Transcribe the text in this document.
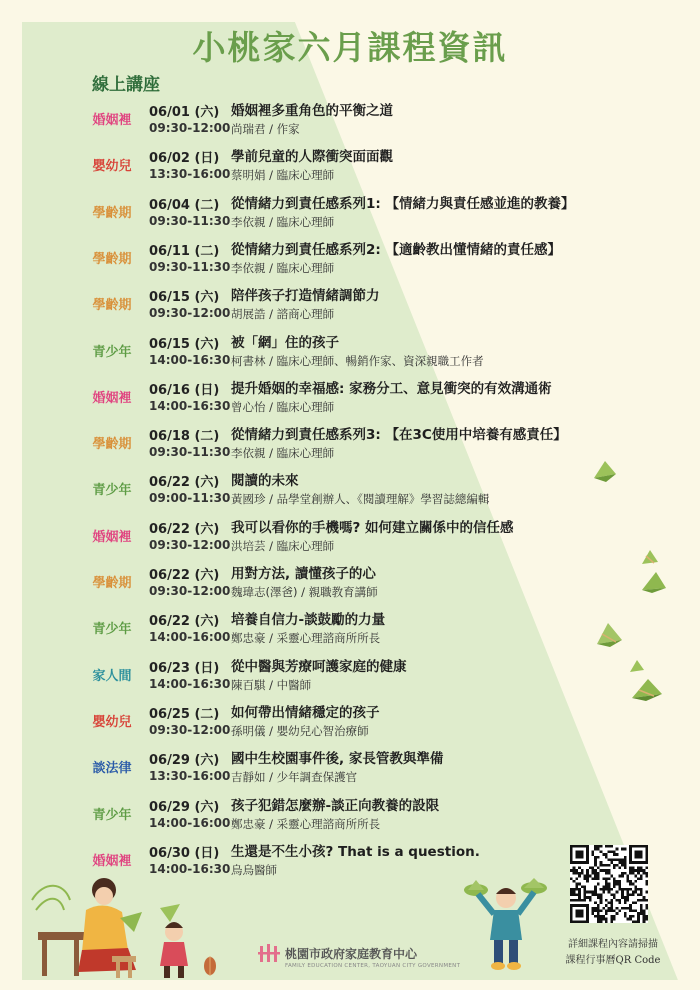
小桃家六月課程資訊
線上講座
婚姻裡
06/01 (六)
09:30-12:00
婚姻裡多重角色的平衡之道
尚瑞君 / 作家
嬰幼兒
06/02 (日)
13:30-16:00
學前兒童的人際衝突面面觀
蔡明娟 / 臨床心理師
學齡期
06/04 (二)
09:30-11:30
從情緒力到責任感系列1: 【情緒力與責任感並進的教養】
李依親 / 臨床心理師
學齡期
06/11 (二)
09:30-11:30
從情緒力到責任感系列2: 【適齡教出懂情緒的責任感】
李依親 / 臨床心理師
學齡期
06/15 (六)
09:30-12:00
陪伴孩子打造情緒調節力
胡展誥 / 諮商心理師
青少年
06/15 (六)
14:00-16:30
被「網」住的孩子
柯書林 / 臨床心理師、暢銷作家、資深親職工作者
婚姻裡
06/16 (日)
14:00-16:30
提升婚姻的幸福感: 家務分工、意見衝突的有效溝通術
曾心怡 / 臨床心理師
學齡期
06/18 (二)
09:30-11:30
從情緒力到責任感系列3: 【在3C使用中培養有感責任】
李依親 / 臨床心理師
青少年
06/22 (六)
09:00-11:30
閱讀的未來
黃國珍 / 品學堂創辦人、《閱讀理解》學習誌總編輯
婚姻裡
06/22 (六)
09:30-12:00
我可以看你的手機嗎? 如何建立關係中的信任感
洪培芸 / 臨床心理師
學齡期
06/22 (六)
09:30-12:00
用對方法, 讀懂孩子的心
魏瑋志(澤爸) / 親職教育講師
青少年
06/22 (六)
14:00-16:00
培養自信力-談鼓勵的力量
鄭忠豪 / 采靈心理諮商所所長
家人間
06/23 (日)
14:00-16:30
從中醫與芳療呵護家庭的健康
陳百騏 / 中醫師
嬰幼兒
06/25 (二)
09:30-12:00
如何帶出情緒穩定的孩子
孫明儀 / 嬰幼兒心智治療師
談法律
06/29 (六)
13:30-16:00
國中生校園事件後, 家長管教與準備
吉靜如 / 少年調查保護官
青少年
06/29 (六)
14:00-16:00
孩子犯錯怎麼辦-談正向教養的設限
鄭忠豪 / 采靈心理諮商所所長
婚姻裡
06/30 (日)
14:00-16:30
生還是不生小孩? That is a question.
烏烏醫師
桃園市政府家庭教育中心
FAMILY EDUCATION CENTER, TAOYUAN CITY GOVERNMENT
詳細課程內容請掃描
課程行事曆QR Code
